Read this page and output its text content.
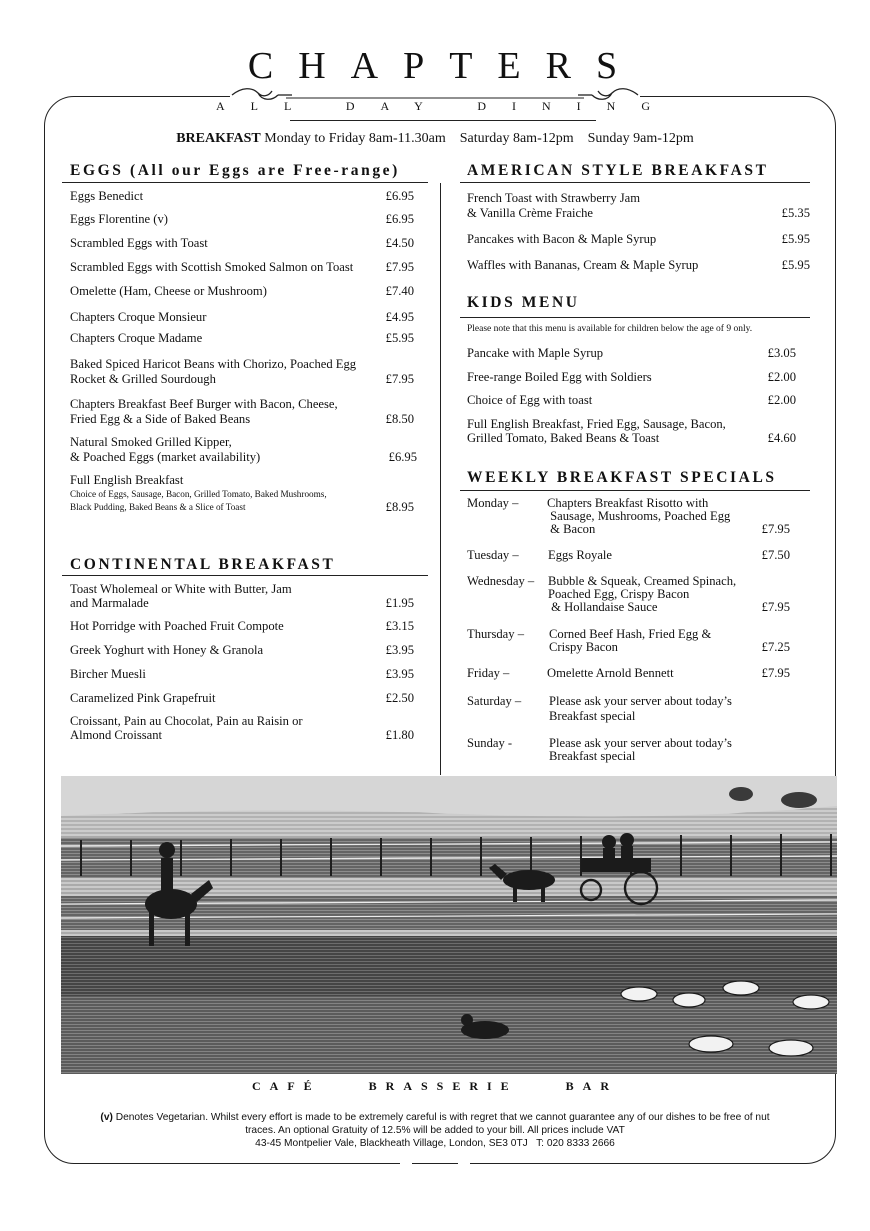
CHAPTERS
ALL DAY DINING
BREAKFAST Monday to Friday 8am-11.30am    Saturday 8am-12pm    Sunday 9am-12pm
EGGS (All our Eggs are Free-range)
Eggs Benedict	£6.95
Eggs Florentine (v)	£6.95
Scrambled Eggs with Toast	£4.50
Scrambled Eggs with Scottish Smoked Salmon on Toast	£7.95
Omelette (Ham, Cheese or Mushroom)	£7.40
Chapters Croque Monsieur	£4.95
Chapters Croque Madame	£5.95
Baked Spiced Haricot Beans with Chorizo, Poached Egg
Rocket & Grilled Sourdough	£7.95
Chapters Breakfast Beef Burger with Bacon, Cheese,
Fried Egg & a Side of Baked Beans	£8.50
Natural Smoked Grilled Kipper,
& Poached Eggs (market availability)	£6.95
Full English Breakfast
Choice of Eggs, Sausage, Bacon, Grilled Tomato, Baked Mushrooms,
Black Pudding, Baked Beans & a Slice of Toast	£8.95
CONTINENTAL BREAKFAST
Toast Wholemeal or White with Butter, Jam
and Marmalade	£1.95
Hot Porridge with Poached Fruit Compote	£3.15
Greek Yoghurt with Honey & Granola	£3.95
Bircher Muesli	£3.95
Caramelized Pink Grapefruit	£2.50
Croissant, Pain au Chocolat, Pain au Raisin or
Almond Croissant	£1.80
AMERICAN STYLE BREAKFAST
French Toast with Strawberry Jam
& Vanilla Crème Fraiche	£5.35
Pancakes with Bacon & Maple Syrup	£5.95
Waffles with Bananas, Cream & Maple Syrup	£5.95
KIDS MENU
Please note that this menu is available for children below the age of 9 only.
Pancake with Maple Syrup	£3.05
Free-range Boiled Egg with Soldiers	£2.00
Choice of Egg with toast	£2.00
Full English Breakfast, Fried Egg, Sausage, Bacon,
Grilled Tomato, Baked Beans & Toast	£4.60
WEEKLY BREAKFAST SPECIALS
Monday – Chapters Breakfast Risotto with
Sausage, Mushrooms, Poached Egg
& Bacon	£7.95
Tuesday – Eggs Royale	£7.50
Wednesday – Bubble & Squeak, Creamed Spinach,
Poached Egg, Crispy Bacon
& Hollandaise Sauce	£7.95
Thursday – Corned Beef Hash, Fried Egg &
Crispy Bacon	£7.25
Friday –	Omelette Arnold Bennett	£7.95
Saturday – Please ask your server about today’s
Breakfast special
Sunday -	Please ask your server about today’s
Breakfast special
CAFÉ    BRASSERIE    BAR
(v) Denotes Vegetarian. Whilst every effort is made to be extremely careful is with regret that we cannot guarantee any of our dishes to be free of nut
traces. An optional Gratuity of 12.5% will be added to your bill. All prices include VAT
43-45 Montpelier Vale, Blackheath Village, London, SE3 0TJ   T: 020 8333 2666
